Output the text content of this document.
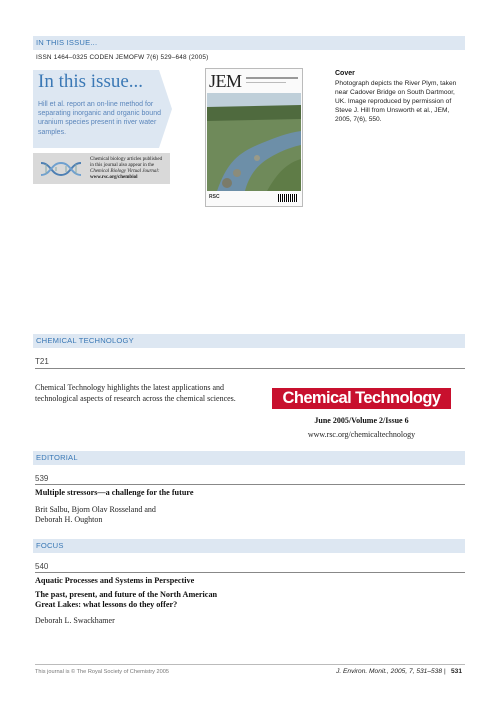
IN THIS ISSUE...
ISSN 1464–0325 CODEN JEMOFW 7(6) 529–648 (2005)
In this issue...
Hill et al. report an on-line method for separating inorganic and organic bound uranium species present in river water samples.
Chemical biology articles published
in this journal also appear in the
Chemical Biology Virtual Journal:
www.rsc.org/chembiol
JEM
RSC
Cover
Photograph depicts the River Plym, taken near Cadover Bridge on South Dartmoor, UK. Image reproduced by permission of Steve J. Hill from Unsworth et al., JEM, 2005, 7(6), 550.
CHEMICAL TECHNOLOGY
T21
Chemical Technology highlights the latest applications and technological aspects of research across the chemical sciences.	Chemical Technology
June 2005/Volume 2/Issue 6
www.rsc.org/chemicaltechnology
EDITORIAL
539
Multiple stressors—a challenge for the future
Brit Salbu, Bjorn Olav Rosseland and
Deborah H. Oughton
FOCUS
540
Aquatic Processes and Systems in Perspective
The past, present, and future of the North American
Great Lakes: what lessons do they offer?
Deborah L. Swackhamer
This journal is © The Royal Society of Chemistry 2005	J. Environ. Monit., 2005, 7, 531–538 | 531
